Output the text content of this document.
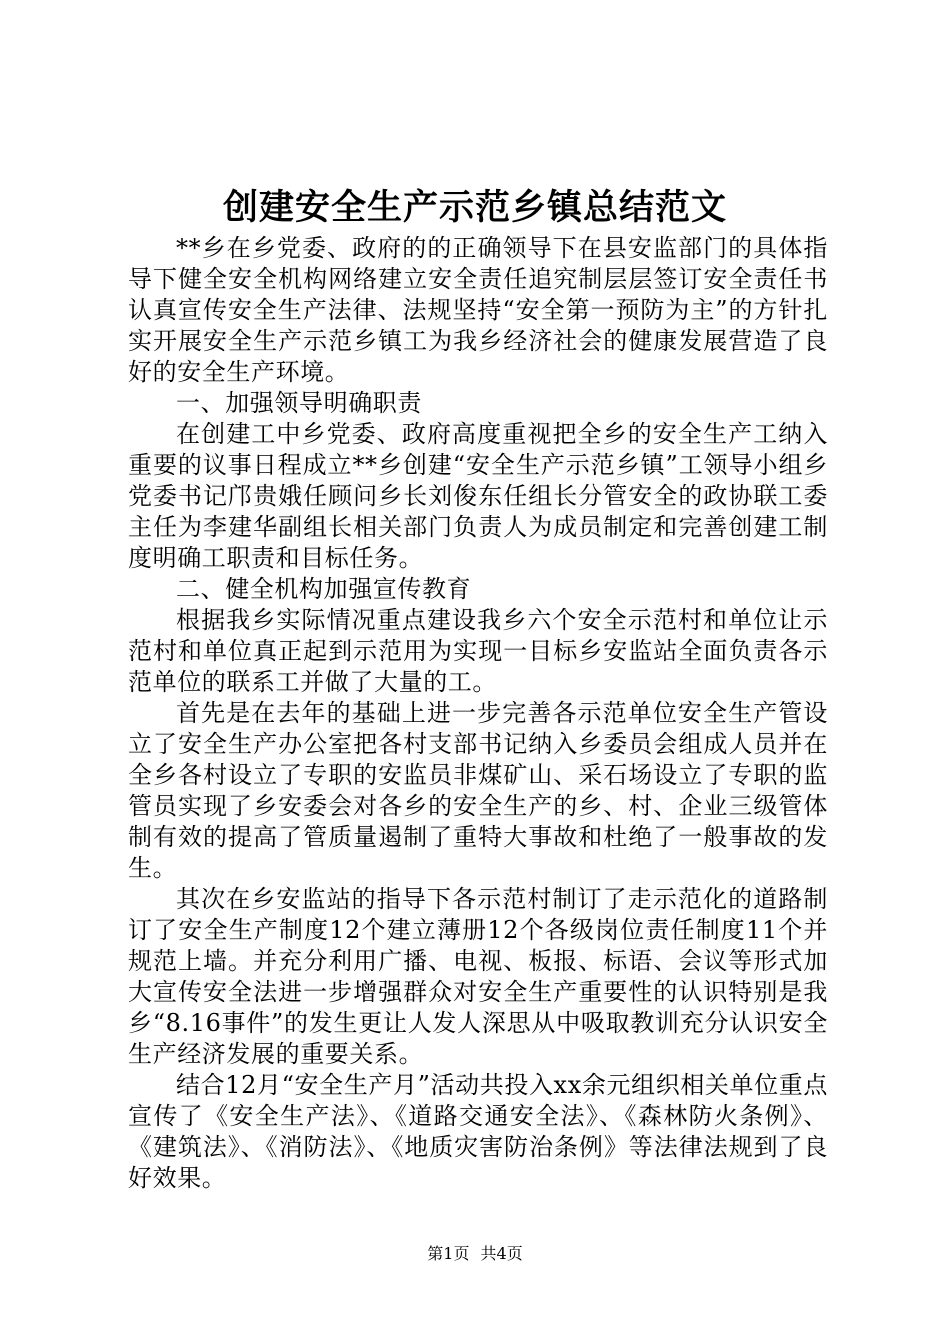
创建安全生产示范乡镇总结范文

**乡在乡党委、政府的的正确领导下在县安监部门的具体指导下健全安全机构网络建立安全责任追究制层层签订安全责任书认真宣传安全生产法律、法规坚持“安全第一预防为主”的方针扎实开展安全生产示范乡镇工为我乡经济社会的健康发展营造了良好的安全生产环境。

一、加强领导明确职责

在创建工中乡党委、政府高度重视把全乡的安全生产工纳入重要的议事日程成立**乡创建“安全生产示范乡镇”工领导小组乡党委书记邝贵娥任顾问乡长刘俊东任组长分管安全的政协联工委主任为李建华副组长相关部门负责人为成员制定和完善创建工制度明确工职责和目标任务。

二、健全机构加强宣传教育

根据我乡实际情况重点建设我乡六个安全示范村和单位让示范村和单位真正起到示范用为实现一目标乡安监站全面负责各示范单位的联系工并做了大量的工。

首先是在去年的基础上进一步完善各示范单位安全生产管设立了安全生产办公室把各村支部书记纳入乡委员会组成人员并在全乡各村设立了专职的安监员非煤矿山、采石场设立了专职的监管员实现了乡安委会对各乡的安全生产的乡、村、企业三级管体制有效的提高了管质量遏制了重特大事故和杜绝了一般事故的发生。

其次在乡安监站的指导下各示范村制订了走示范化的道路制订了安全生产制度12个建立薄册12个各级岗位责任制度11个并规范上墙。并充分利用广播、电视、板报、标语、会议等形式加大宣传安全法进一步增强群众对安全生产重要性的认识特别是我乡“8.16事件”的发生更让人发人深思从中吸取教训充分认识安全生产经济发展的重要关系。

结合12月“安全生产月”活动共投入xx余元组织相关单位重点宣传了《安全生产法》、《道路交通安全法》、《森林防火条例》、《建筑法》、《消防法》、《地质灾害防治条例》等法律法规到了良好效果。

第1页 共4页
